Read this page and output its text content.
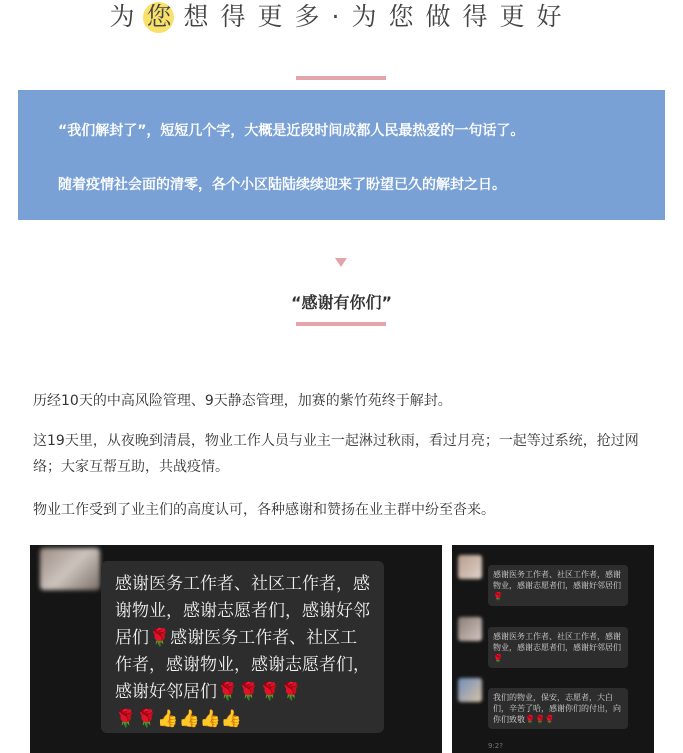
为您想得更多·为您做得更好

“我们解封了”，短短几个字，大概是近段时间成都人民最热爱的一句话了。

随着疫情社会面的清零，各个小区陆陆续续迎来了盼望已久的解封之日。

“感谢有你们”

历经10天的中高风险管理、9天静态管理，加赛的紫竹苑终于解封。

这19天里，从夜晚到清晨，物业工作人员与业主一起淋过秋雨，看过月亮；一起等过系统，抢过网络；大家互帮互助，共战疫情。

物业工作受到了业主们的高度认可，各种感谢和赞扬在业主群中纷至沓来。

感谢医务工作者、社区工作者，感谢物业，感谢志愿者们，感谢好邻居们🌹感谢医务工作者、社区工作者，感谢物业，感谢志愿者们，感谢好邻居们🌹🌹🌹🌹

🌹🌹👍👍👍👍

感谢医务工作者、社区工作者，感谢物业，感谢志愿者们，感谢好邻居们🌹

感谢医务工作者、社区工作者，感谢物业，感谢志愿者们，感谢好邻居们🌹

我们的物业，保安，志愿者，大白们，辛苦了哈，感谢你们的付出，向你们致敬🌹🌹🌹

9:2?
